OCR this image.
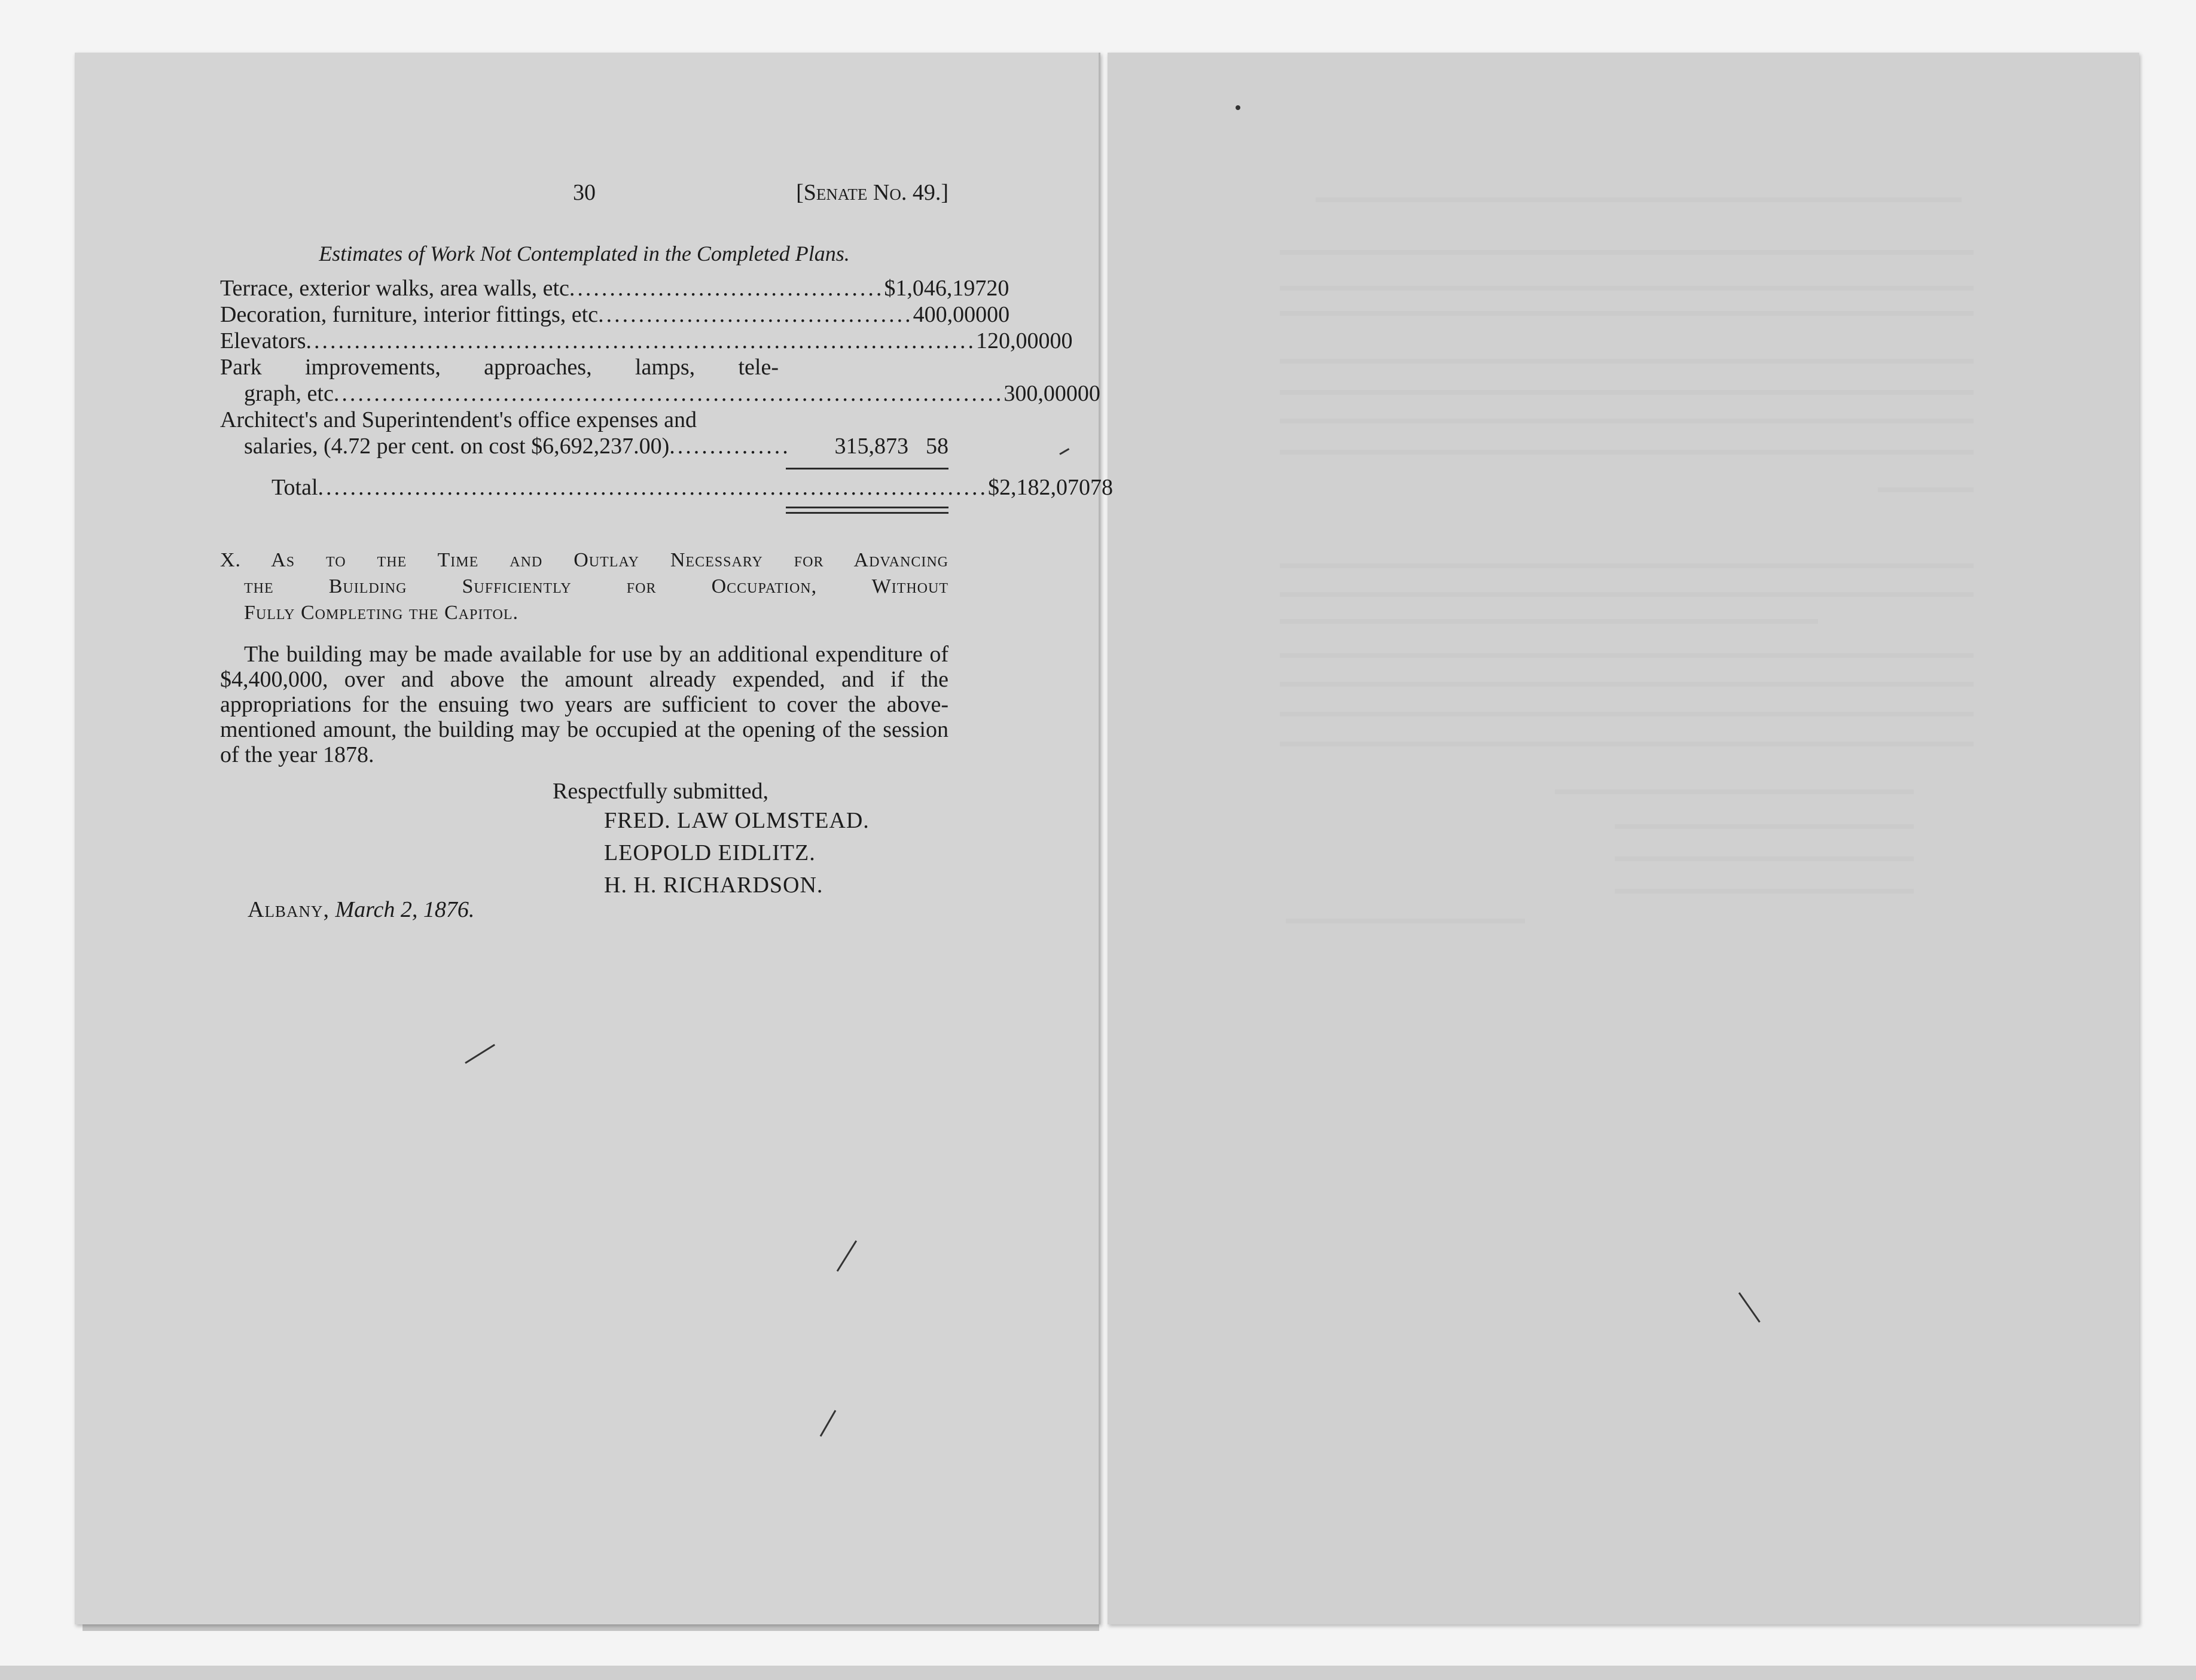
30	[Senate No. 49.]
Estimates of Work Not Contemplated in the Completed Plans.
Terrace, exterior walks, area walls, etc ....................................... $1,046,197 20
Decoration, furniture, interior fittings, etc ....................................... 400,000 00
Elevators ................................................................................... 120,000 00
Park improvements, approaches, lamps, tele-
graph, etc ................................................................................... 300,000 00
Architect's and Superintendent's office expenses and
salaries, (4.72 per cent. on cost $6,692,237.00) ...............	315,873 58
Total ................................................................................... $2,182,070 78
X. As to the Time and Outlay Necessary for Advancing
the Building Sufficiently for Occupation, Without
Fully Completing the Capitol.
The building may be made available for use by an additional expenditure of $4,400,000, over and above the amount already expended, and if the appropriations for the ensuing two years are sufficient to cover the above-mentioned amount, the building may be occupied at the opening of the session of the year 1878.
Respectfully submitted,
FRED. LAW OLMSTEAD.
LEOPOLD EIDLITZ.
H. H. RICHARDSON.
Albany, March 2, 1876.
